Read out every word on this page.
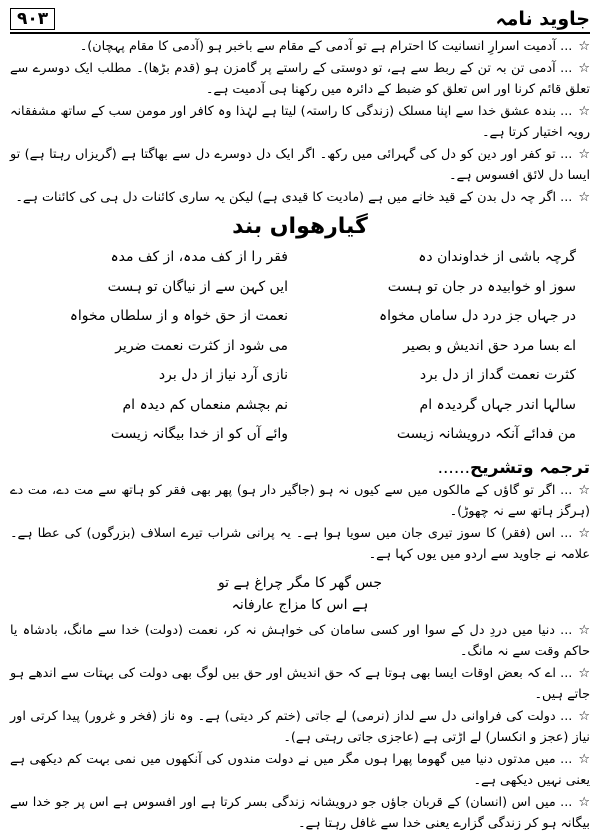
جاوید نامہ
۹۰۳

☆... آدمیت اسرارِ انسانیت کا احترام ہے تو آدمی کے مقام سے باخبر ہو (آدمی کا مقام پہچان)۔

☆... آدمی تن بہ تن کے ربط سے ہے، تو دوستی کے راستے پر گامزن ہو (قدم بڑھا)۔ مطلب ایک دوسرے سے تعلق قائم کرنا اور اس تعلق کو ضبط کے دائرہ میں رکھنا ہی آدمیت ہے۔

☆... بندہ عشق خدا سے اپنا مسلک (زندگی کا راستہ) لیتا ہے لہٰذا وہ کافر اور مومن سب کے ساتھ مشفقانہ رویہ اختیار کرتا ہے۔

☆... تو کفر اور دین کو دل کی گہرائی میں رکھ۔ اگر ایک دل دوسرے دل سے بھاگتا ہے (گریزاں رہتا ہے) تو ایسا دل لائق افسوس ہے۔

☆... اگر چہ دل بدن کے قید خانے میں ہے (مادیت کا قیدی ہے) لیکن یہ ساری کائنات دل ہی کی کائنات ہے۔

گیارھواں بند
گرچہ باشی از خداوندان دہ
فقر را از کف مدہ، از کف مدہ
سوز او خوابیدہ در جان تو ہست
ایں کہن سے از نیاگان تو ہست
در جہاں جز درد دل ساماں مخواہ
نعمت از حق خواہ و از سلطاں مخواہ
اے بسا مرد حق اندیش و بصیر
می شود از کثرت نعمت ضریر
کثرت نعمت گداز از دل برد
نازی آرد نیاز از دل برد
سالہا اندر جہاں گردیدہ ام
نم بچشم منعماں کم دیدہ ام
من فدائے آنکہ درویشانہ زیست
وائے آں کو از خدا بیگانہ زیست
ترجمہ وتشریح......

☆... اگر تو گاؤں کے مالکوں میں سے کیوں نہ ہو (جاگیر دار ہو) پھر بھی فقر کو ہاتھ سے مت دے، مت دے (ہرگز ہاتھ سے نہ چھوڑ)۔

☆... اس (فقر) کا سوز تیری جان میں سویا ہوا ہے۔ یہ پرانی شراب تیرے اسلاف (بزرگوں) کی عطا ہے۔ علامہ نے جاوید سے اردو میں یوں کہا ہے۔

جس گھر کا مگر چراغ ہے تو
ہے اس کا مزاج عارفانہ

☆... دنیا میں دردِ دل کے سوا اور کسی سامان کی خواہش نہ کر، نعمت (دولت) خدا سے مانگ، بادشاہ یا حاکم وقت سے نہ مانگ۔

☆... اے کہ بعض اوقات ایسا بھی ہوتا ہے کہ حق اندیش اور حق بیں لوگ بھی دولت کی بہتات سے اندھے ہو جاتے ہیں۔

☆... دولت کی فراوانی دل سے لداز (نرمی) لے جاتی (ختم کر دیتی) ہے۔ وہ ناز (فخر و غرور) پیدا کرتی اور نیاز (عجز و انکسار) لے اڑتی ہے (عاجزی جاتی رہتی ہے)۔

☆... میں مدتوں دنیا میں گھوما پھرا ہوں مگر میں نے دولت مندوں کی آنکھوں میں نمی بہت کم دیکھی ہے یعنی نہیں دیکھی ہے۔

☆... میں اس (انسان) کے قربان جاؤں جو درویشانہ زندگی بسر کرتا ہے اور افسوس ہے اس پر جو خدا سے بیگانہ ہو کر زندگی گزارے یعنی خدا سے غافل رہتا ہے۔
